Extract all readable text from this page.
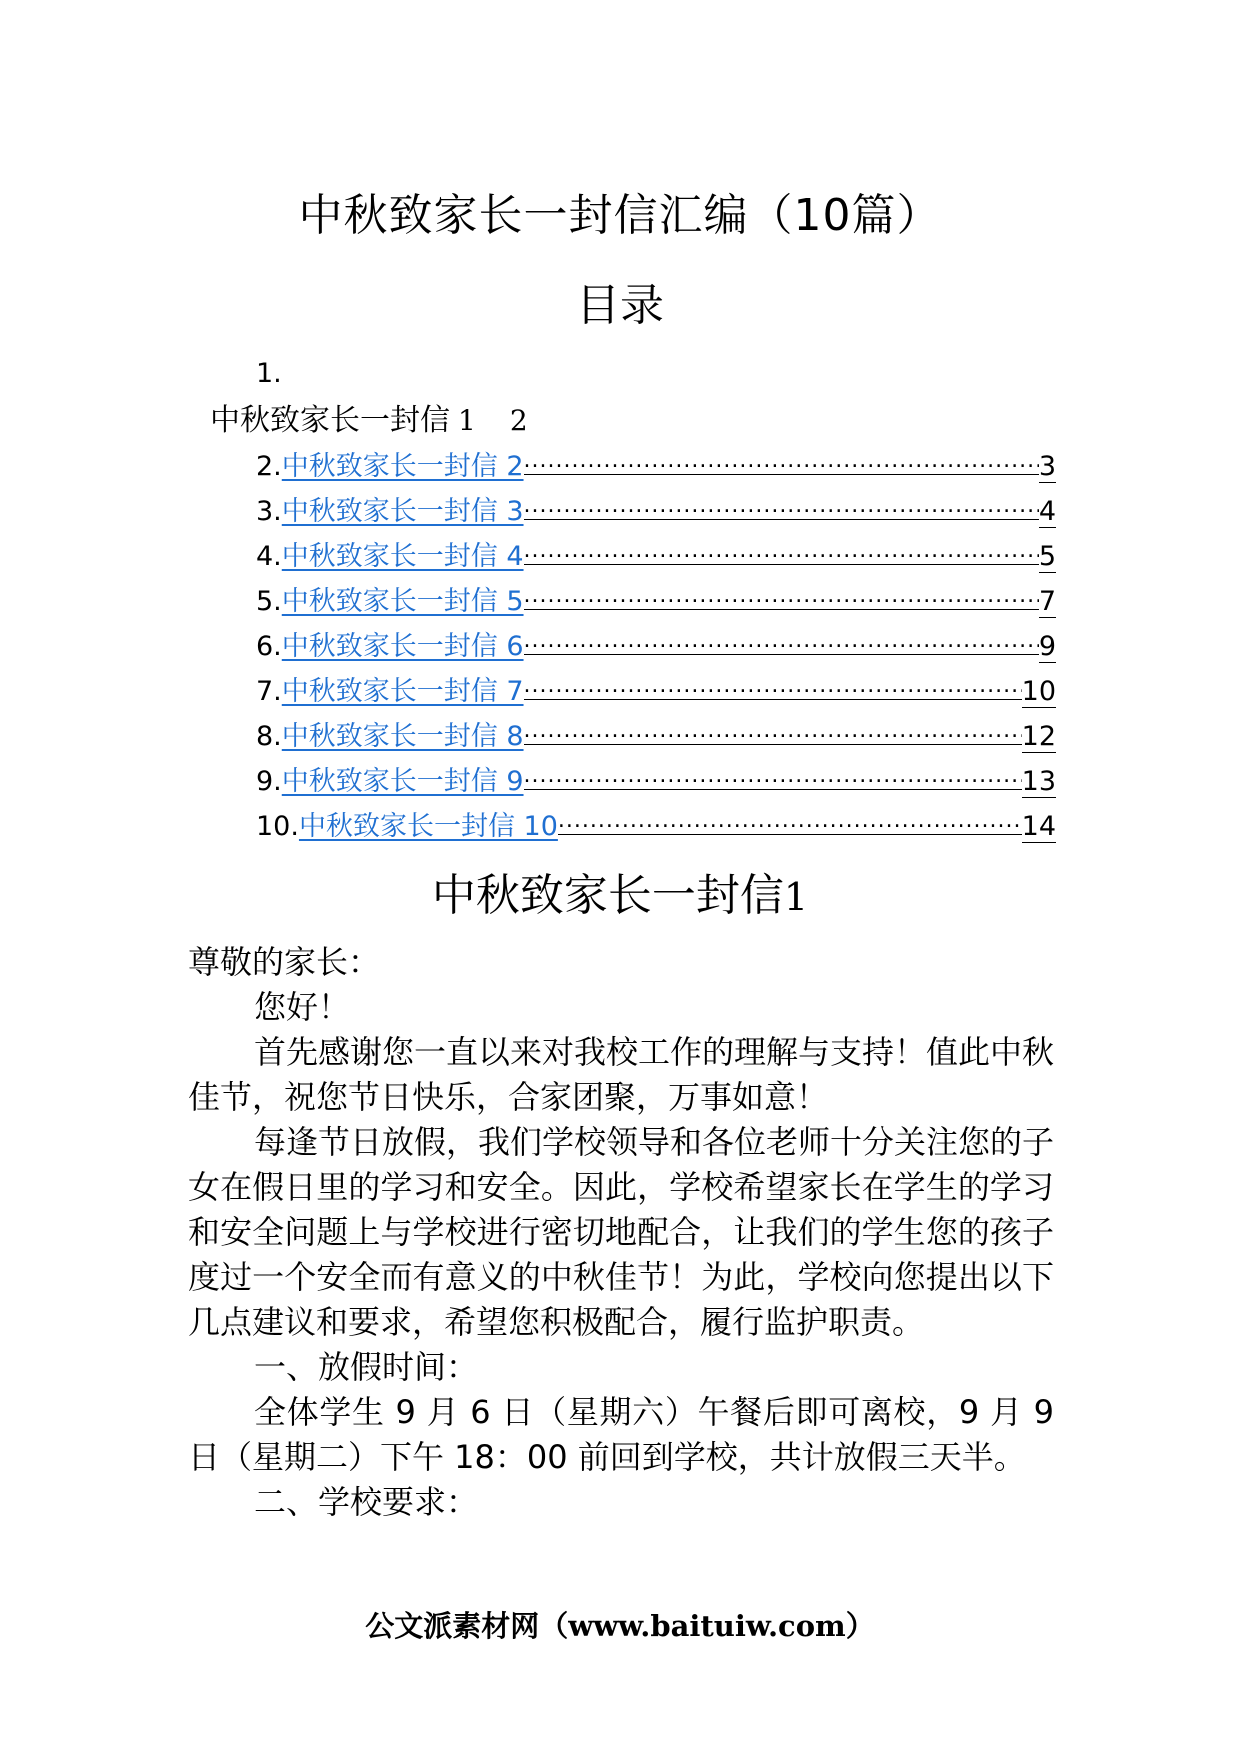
中秋致家长一封信汇编（10篇）
目录
1.
中秋致家长一封信 1 2
2. 中秋致家长一封信 2 .....	3
3. 中秋致家长一封信 3 .....	4
4. 中秋致家长一封信 4 .....	5
5. 中秋致家长一封信 5 .....	7
6. 中秋致家长一封信 6 .....	9
7. 中秋致家长一封信 7 .....	10
8. 中秋致家长一封信 8 .....	12
9. 中秋致家长一封信 9 .....	13
10. 中秋致家长一封信 10 .....	14
中秋致家长一封信1

尊敬的家长：

您好！

首先感谢您一直以来对我校工作的理解与支持！值此中秋佳节，祝您节日快乐，合家团聚，万事如意！

每逢节日放假，我们学校领导和各位老师十分关注您的子女在假日里的学习和安全。因此，学校希望家长在学生的学习和安全问题上与学校进行密切地配合，让我们的学生您的孩子度过一个安全而有意义的中秋佳节！为此，学校向您提出以下几点建议和要求，希望您积极配合，履行监护职责。

一、放假时间：

全体学生 9 月 6 日（星期六）午餐后即可离校，9 月 9 日（星期二）下午 18：00 前回到学校，共计放假三天半。

二、学校要求：

公文派素材网（www.baituiw.com）
